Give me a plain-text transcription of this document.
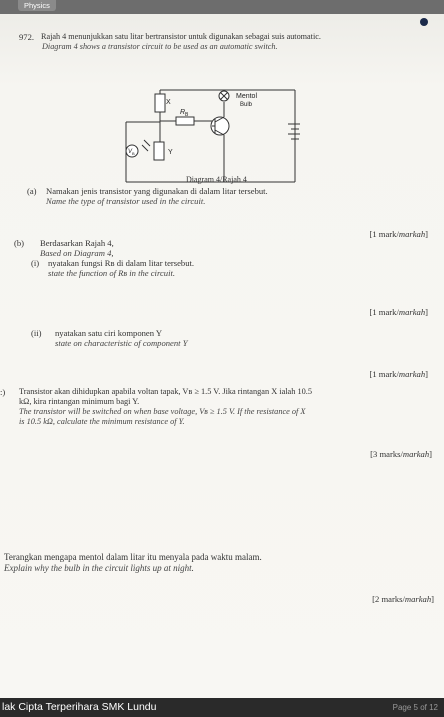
Physics
972. Rajah 4 menunjukkan satu litar bertransistor untuk digunakan sebagai suis automatic.
Diagram 4 shows a transistor circuit to be used as an automatic switch.
X
Mentol
Bulb
R B
Y
V B
Diagram 4/Rajah 4
(a) Namakan jenis transistor yang digunakan di dalam litar tersebut.
Name the type of transistor used in the circuit.
[1 mark/markah]
(b) Berdasarkan Rajah 4,
Based on Diagram 4,
(i) nyatakan fungsi Rʙ di dalam litar tersebut.
state the function of Rʙ in the circuit.
[1 mark/markah]
(ii) nyatakan satu ciri komponen Y
state on characteristic of component Y
[1 mark/markah]
:) Transistor akan dihidupkan apabila voltan tapak, Vʙ ≥ 1.5 V. Jika rintangan X ialah 10.5
kΩ, kira rintangan minimum bagi Y.
The transistor will be switched on when base voltage, Vʙ ≥ 1.5 V. If the resistance of X
is 10.5 kΩ, calculate the minimum resistance of Y.
[3 marks/markah]
Terangkan mengapa mentol dalam litar itu menyala pada waktu malam.
Explain why the bulb in the circuit lights up at night.
[2 marks/markah]
lak Cipta Terperihara SMK Lundu	Page 5 of 12
